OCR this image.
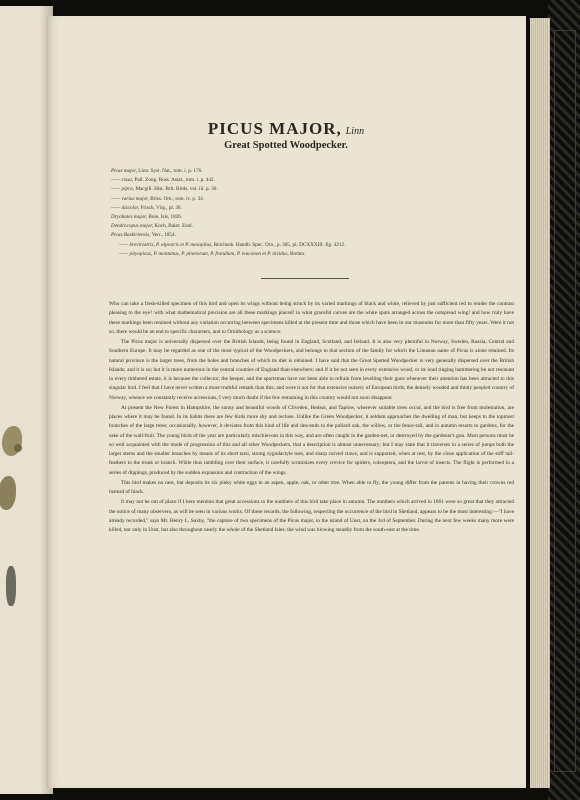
PICUS MAJOR, Linn
Great Spotted Woodpecker.
Picus major, Linn. Syst. Nat., tom. i. p. 176.
—— cissa, Pall. Zoog. Ross. Asiat., tom. i. p. 442.
—— pipra, Macgill. Hist. Brit. Birds, vol. iii. p. 30.
—— varius major, Briss. Orn., tom. iv. p. 34.
—— discolor, Frisch, Vög., pl. 36.
Dryobates major, Boie, Isis, 1826.
Dendrocopus major, Koch, Baier. Zool.
Picus Baskiriensis, Verr., 1854.
—— brevirostris, P. alpestris et P. mesopilus, Reichenb. Handb. Spec. Orn., p. 365, pl. DCXXXIII. fig. 4212.
—— pityopicus, P. montanus, P. pinetorum, P. frondium, P. leuconon et P. nividus, Brehm.

Who can take a fresh-killed specimen of this bird and open its wings without being struck by its varied markings of black and white, relieved by just sufficient red to render the contrast pleasing to the eye? with what mathematical precision are all these markings placed! in what graceful curves are the white spots arranged across the outspread wing! and how truly have these markings been retained without any variation occurring between specimens killed at the present time and those which have been in our museums for more than fifty years. Were it not so, there would be an end to specific characters, and to Ornithology as a science.

The Picus major is universally dispersed over the British Islands, being found in England, Scotland, and Ireland. It is also very plentiful in Norway, Sweden, Russia, Central and Southern Europe. It may be regarded as one of the most typical of the Woodpeckers, and belongs to that section of the family for which the Linnæan name of Picus is alone retained. Its natural province is the larger trees, from the boles and branches of which its diet is obtained. I have said that the Great Spotted Woodpecker is very generally dispersed over the British Islands; and it is so; but it is more numerous in the central counties of England than elsewhere; and if it be not seen in every extensive wood, or its loud ringing hammering be not resonant in every timbered estate, it is because the collector, the keeper, and the sportsman have not been able to refrain from levelling their guns whenever their attention has been attracted to this singular bird. I feel that I have never written a more truthful remark than this; and were it not for that extensive nursery of European birds, the densely wooded and thinly peopled country of Norway, whence we constantly receive accessions, I very much doubt if the few remaining in this country would not soon disappear.

At present the New Forest in Hampshire, the sunny and beautiful woods of Cliveden, Hedsor, and Taplow, wherever suitable trees occur, and the bird is free from molestation, are places where it may be found. In its habits there are few birds more shy and recluse. Unlike the Green Woodpecker, it seldom approaches the dwelling of man, but keeps to the topmost branches of the large trees; occasionally, however, it deviates from this kind of life and descends to the pollard oak, the willow, or the fence-rail, and in autumn resorts to gardens, for the sake of the wall-fruit. The young birds of the year are particularly mischievous in this way, and are often caught in the garden-net, or destroyed by the gardener's gun. Most persons must be so well acquainted with the mode of progression of this and all other Woodpeckers, that a description is almost unnecessary; but I may state that it traverses in a series of jumps both the larger stems and the smaller branches by means of its short tarsi, strong zygodactyle toes, and sharp curved claws, and is supported, when at rest, by the close application of the stiff tail-feathers to the trunk or branch. While thus rambling over their surface, it carefully scrutinizes every crevice for spiders, coleoptera, and the larvæ of insects. The flight is performed in a series of dippings, produced by the sudden expansion and contraction of the wings.

This bird makes no nest, but deposits its six pinky white eggs in an aspen, apple, oak, or other tree. When able to fly, the young differ from the parents in having their crowns red instead of black.

It may not be out of place if I here mention that great accessions to the numbers of this bird take place in autumn. The numbers which arrived in 1861 were so great that they attracted the notice of many observers, as will be seen in various works. Of these records, the following, respecting the occurrence of the bird in Shetland, appears to be the most interesting:—"I have already recorded," says Mr. Henry L. Saxby, "the capture of two specimens of the Picus major, in the island of Unst, on the 3rd of September. During the next few weeks many more were killed, not only in Unst, but also throughout nearly the whole of the Shetland Isles; the wind was blowing steadily from the south-east at the time.
